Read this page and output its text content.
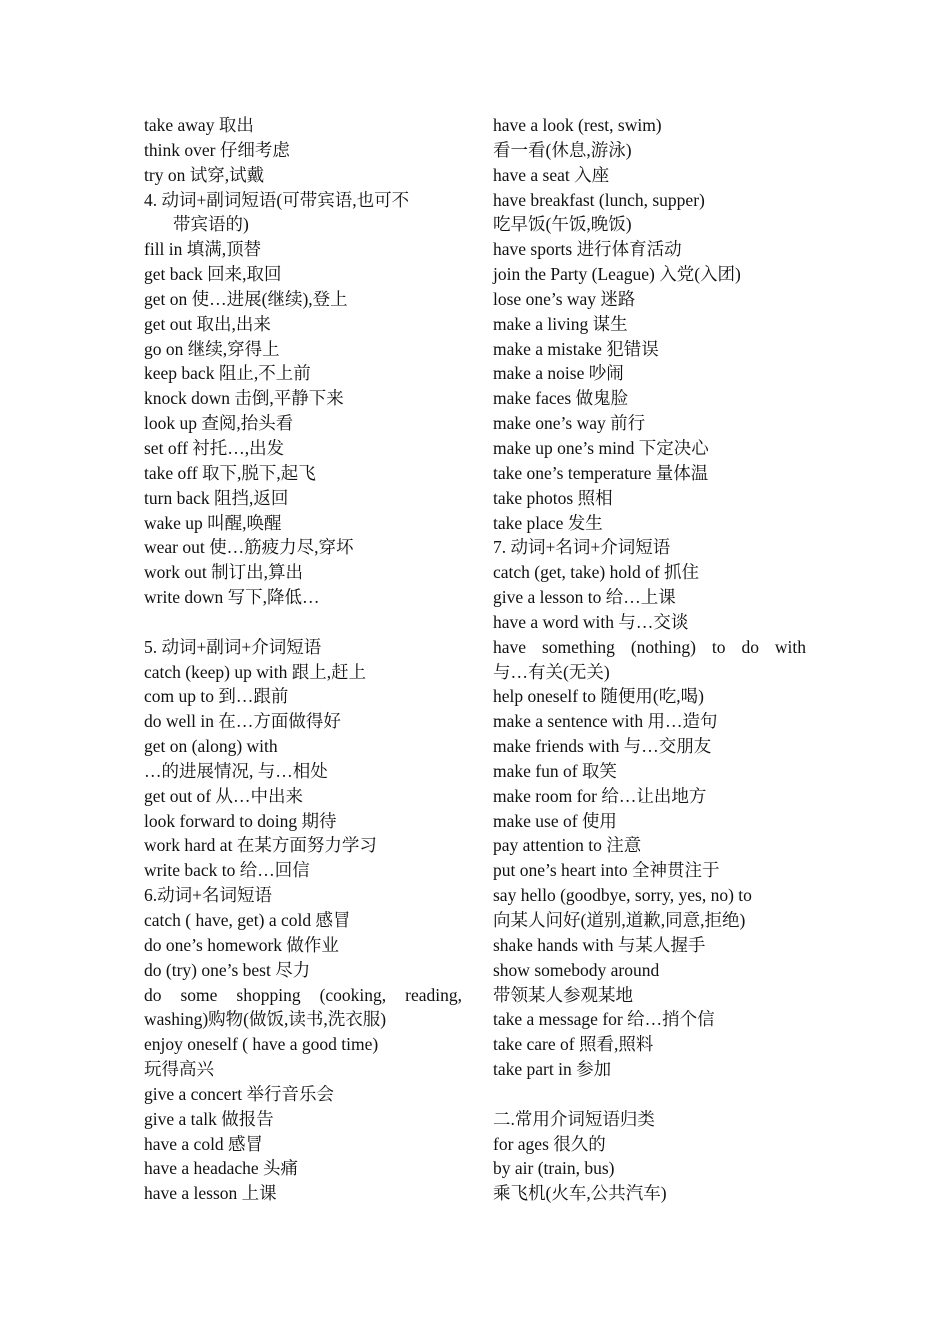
take away 取出
think over 仔细考虑
try on 试穿,试戴
4. 动词+副词短语(可带宾语,也可不
带宾语的)
fill in 填满,顶替
get back 回来,取回
get on 使…进展(继续),登上
get out 取出,出来
go on 继续,穿得上
keep back 阻止,不上前
knock down 击倒,平静下来
look up 查阅,抬头看
set off 衬托…,出发
take off 取下,脱下,起飞
turn back 阻挡,返回
wake up 叫醒,唤醒
wear out 使…筋疲力尽,穿坏
work out 制订出,算出
write down 写下,降低…
5. 动词+副词+介词短语
catch (keep) up with 跟上,赶上
com up to 到…跟前
do well in 在…方面做得好
get on (along) with
…的进展情况, 与…相处
get out of 从…中出来
look forward to doing 期待
work hard at 在某方面努力学习
write back to 给…回信
6.动词+名词短语
catch ( have, get) a cold 感冒
do one’s homework 做作业
do (try) one’s best 尽力
do some shopping (cooking, reading,
washing)购物(做饭,读书,洗衣服)
enjoy oneself ( have a good time)
玩得高兴
give a concert 举行音乐会
give a talk 做报告
have a cold 感冒
have a headache 头痛
have a lesson 上课
have a look (rest, swim)
看一看(休息,游泳)
have a seat 入座
have breakfast (lunch, supper)
吃早饭(午饭,晚饭)
have sports 进行体育活动
join the Party (League) 入党(入团)
lose one’s way 迷路
make a living 谋生
make a mistake 犯错误
make a noise 吵闹
make faces 做鬼脸
make one’s way 前行
make up one’s mind 下定决心
take one’s temperature 量体温
take photos 照相
take place 发生
7. 动词+名词+介词短语
catch (get, take) hold of 抓住
give a lesson to 给…上课
have a word with 与…交谈
have something (nothing) to do with
与…有关(无关)
help oneself to 随便用(吃,喝)
make a sentence with 用…造句
make friends with 与…交朋友
make fun of 取笑
make room for 给…让出地方
make use of 使用
pay attention to 注意
put one’s heart into 全神贯注于
say hello (goodbye, sorry, yes, no) to
向某人问好(道别,道歉,同意,拒绝)
shake hands with 与某人握手
show somebody around
带领某人参观某地
take a message for 给…捎个信
take care of 照看,照料
take part in 参加
二.常用介词短语归类
for ages 很久的
by air (train, bus)
乘飞机(火车,公共汽车)
